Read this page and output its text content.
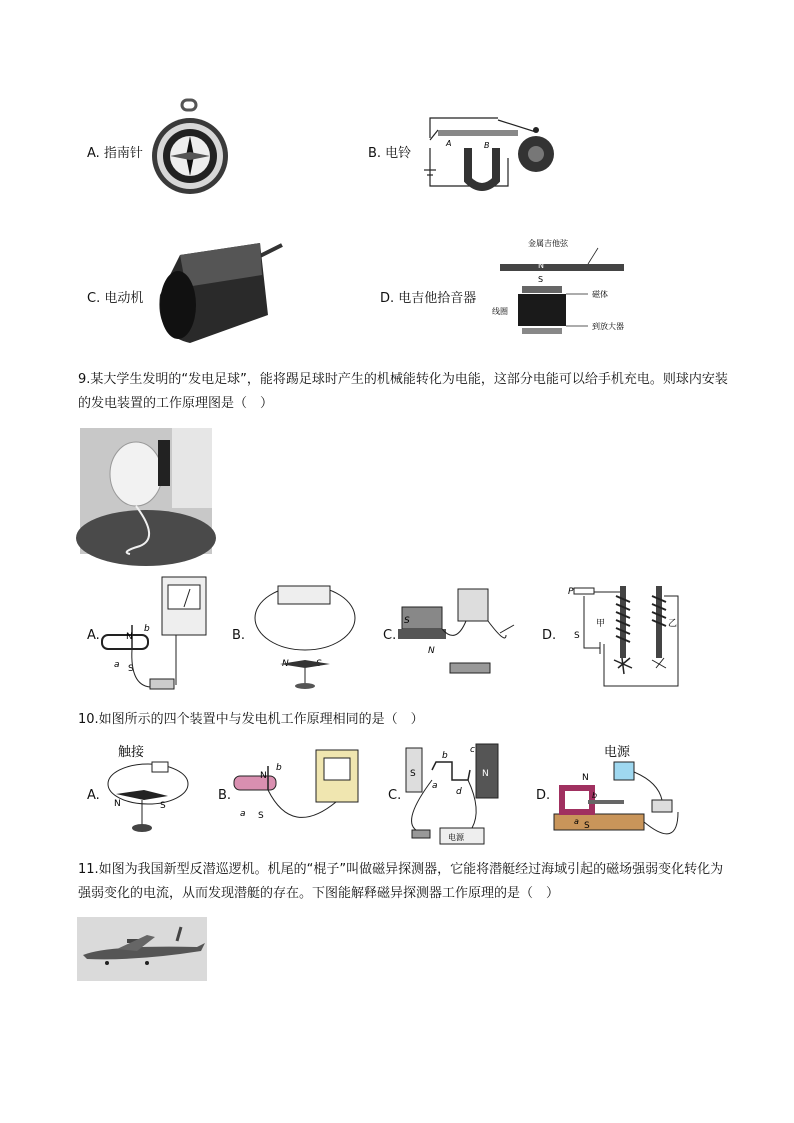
A. 指南针	B. 电铃
A	B
C. 电动机	D. 电吉他拾音器
金属吉他弦
N
S
磁体
线圈
到放大器
9.某大学生发明的“发电足球”，能将踢足球时产生的机械能转化为电能，这部分电能可以给手机充电。则球内安装的发电装置的工作原理图是（　）
A.	N
S
a
b	B.	C.
S
N
D.
P
S
甲	乙
10.如图所示的四个装置中与发电机工作原理相同的是（　）
A.
触接
N	S
B.
N
S
a
b
C.
S	N
a
b
c
d
电源
D.
电源
N
b
a S
11.如图为我国新型反潜巡逻机。机尾的“棍子”叫做磁异探测器，它能将潜艇经过海域引起的磁场强弱变化转化为强弱变化的电流，从而发现潜艇的存在。下图能解释磁异探测器工作原理的是（　）
